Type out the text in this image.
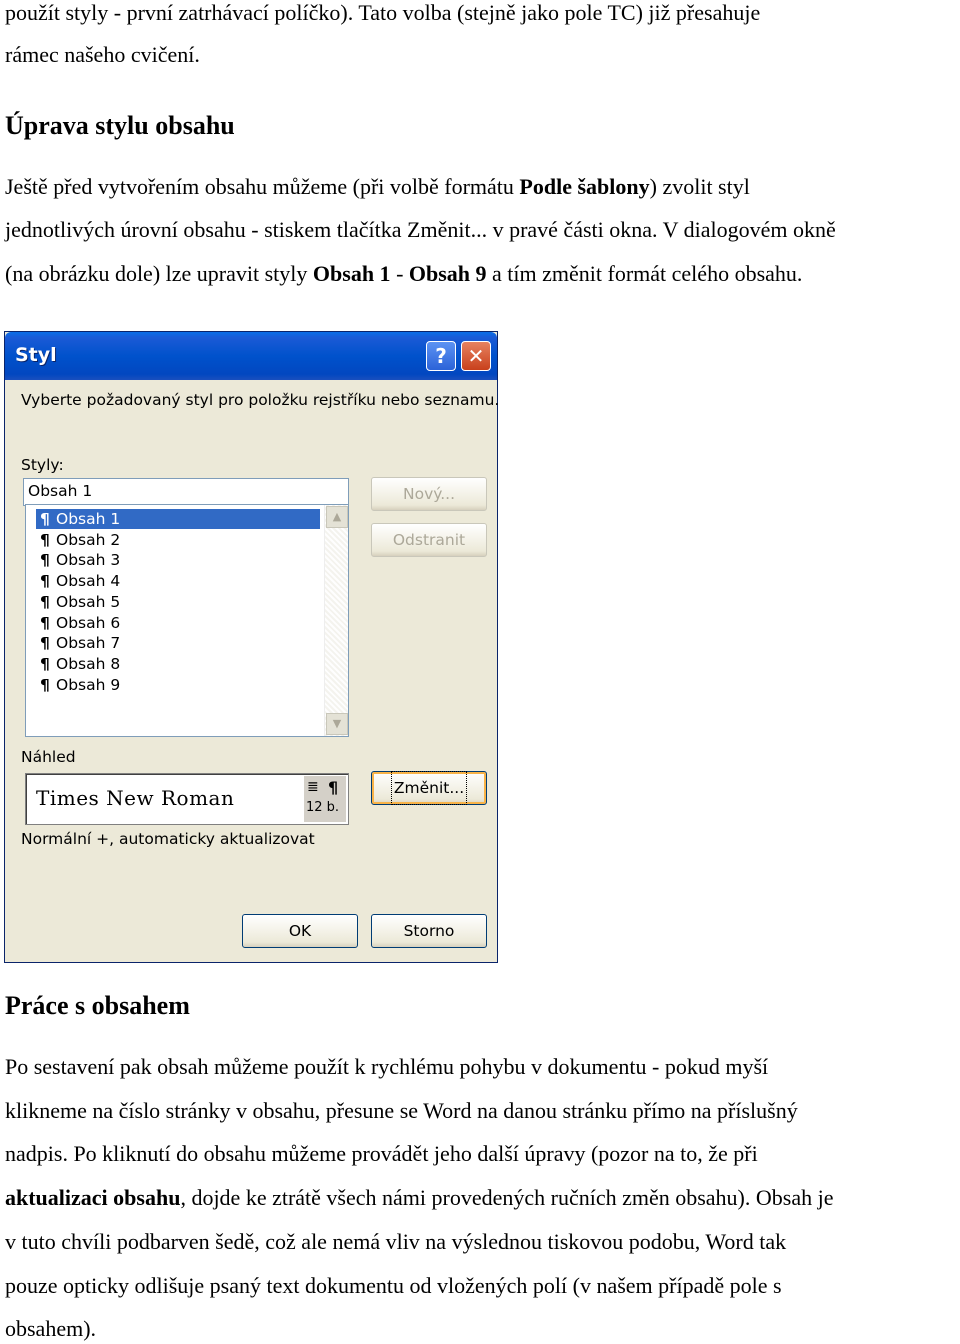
použít styly - první zatrhávací políčko). Tato volba (stejně jako pole TC) již přesahuje
rámec našeho cvičení.
Úprava stylu obsahu
Ještě před vytvořením obsahu můžeme (při volbě formátu Podle šablony) zvolit styl
jednotlivých úrovní obsahu - stiskem tlačítka Změnit... v pravé části okna. V dialogovém okně
(na obrázku dole) lze upravit styly Obsah 1 - Obsah 9 a tím změnit formát celého obsahu.
Styl	?	✕
Vyberte požadovaný styl pro položku rejstříku nebo seznamu.
Styly:
Obsah 1
¶ Obsah 1
¶ Obsah 2
¶ Obsah 3
¶ Obsah 4
¶ Obsah 5
¶ Obsah 6
¶ Obsah 7
¶ Obsah 8
¶ Obsah 9
▲
▼
Nový...
Odstranit
Náhled
Times New Roman	≣ ¶
12 b.
Změnit...
Normální +, automaticky aktualizovat
OK	Storno
Práce s obsahem
Po sestavení pak obsah můžeme použít k rychlému pohybu v dokumentu - pokud myší
klikneme na číslo stránky v obsahu, přesune se Word na danou stránku přímo na příslušný
nadpis. Po kliknutí do obsahu můžeme provádět jeho další úpravy (pozor na to, že při
aktualizaci obsahu, dojde ke ztrátě všech námi provedených ručních změn obsahu). Obsah je
v tuto chvíli podbarven šedě, což ale nemá vliv na výslednou tiskovou podobu, Word tak
pouze opticky odlišuje psaný text dokumentu od vložených polí (v našem případě pole s
obsahem).
